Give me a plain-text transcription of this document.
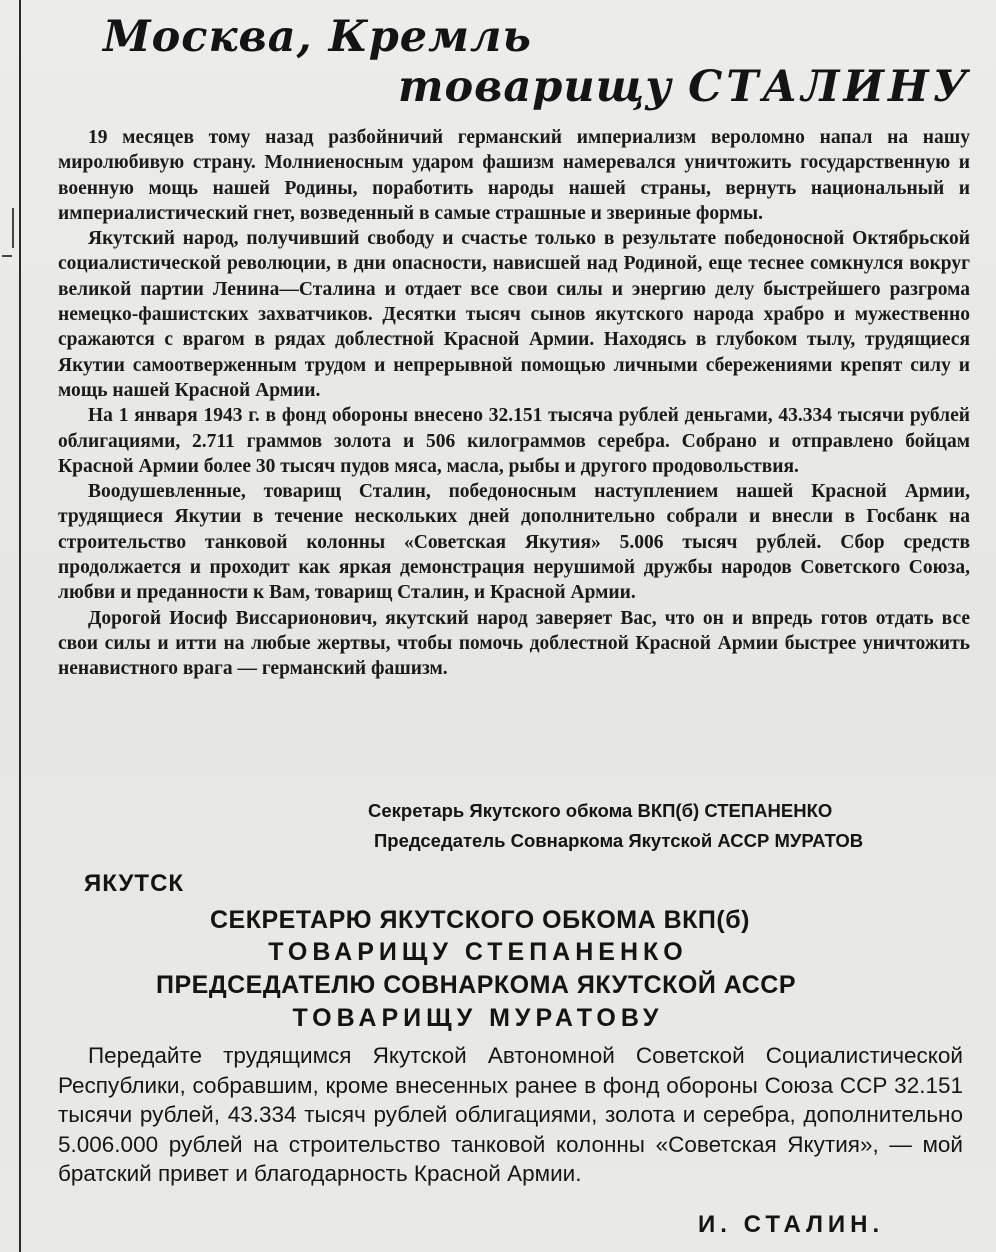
Москва, Кремль
товарищу СТАЛИНУ

19 месяцев тому назад разбойничий германский империализм вероломно напал на нашу миролюбивую страну. Молниеносным ударом фашизм намеревался уничтожить государственную и военную мощь нашей Родины, поработить народы нашей страны, вернуть национальный и империалистический гнет, возведенный в самые страшные и звериные формы.

Якутский народ, получивший свободу и счастье только в результате победоносной Октябрьской социалистической революции, в дни опасности, нависшей над Родиной, еще теснее сомкнулся вокруг великой партии Ленина—Сталина и отдает все свои силы и энергию делу быстрейшего разгрома немецко-фашистских захватчиков. Десятки тысяч сынов якутского народа храбро и мужественно сражаются с врагом в рядах доблестной Красной Армии. Находясь в глубоком тылу, трудящиеся Якутии самоотверженным трудом и непрерывной помощью личными сбережениями крепят силу и мощь нашей Красной Армии.

На 1 января 1943 г. в фонд обороны внесено 32.151 тысяча рублей деньгами, 43.334 тысячи рублей облигациями, 2.711 граммов золота и 506 килограммов серебра. Собрано и отправлено бойцам Красной Армии более 30 тысяч пудов мяса, масла, рыбы и другого продовольствия.

Воодушевленные, товарищ Сталин, победоносным наступлением нашей Красной Армии, трудящиеся Якутии в течение нескольких дней дополнительно собрали и внесли в Госбанк на строительство танковой колонны «Советская Якутия» 5.006 тысяч рублей. Сбор средств продолжается и проходит как яркая демонстрация нерушимой дружбы народов Советского Союза, любви и преданности к Вам, товарищ Сталин, и Красной Армии.

Дорогой Иосиф Виссарионович, якутский народ заверяет Вас, что он и впредь готов отдать все свои силы и итти на любые жертвы, чтобы помочь доблестной Красной Армии быстрее уничтожить ненавистного врага — германский фашизм.

Секретарь Якутского обкома ВКП(б) СТЕПАНЕНКО
Председатель Совнаркома Якутской АССР МУРАТОВ
ЯКУТСК
СЕКРЕТАРЮ ЯКУТСКОГО ОБКОМА ВКП(б)
ТОВАРИЩУ СТЕПАНЕНКО
ПРЕДСЕДАТЕЛЮ СОВНАРКОМА ЯКУТСКОЙ АССР
ТОВАРИЩУ МУРАТОВУ

Передайте трудящимся Якутской Автономной Советской Социалистической Республики, собравшим, кроме внесенных ранее в фонд обороны Союза ССР 32.151 тысячи рублей, 43.334 тысяч рублей облигациями, золота и серебра, дополнительно 5.006.000 рублей на строительство танковой колонны «Советская Якутия», — мой братский привет и благодарность Красной Армии.

И. СТАЛИН.
